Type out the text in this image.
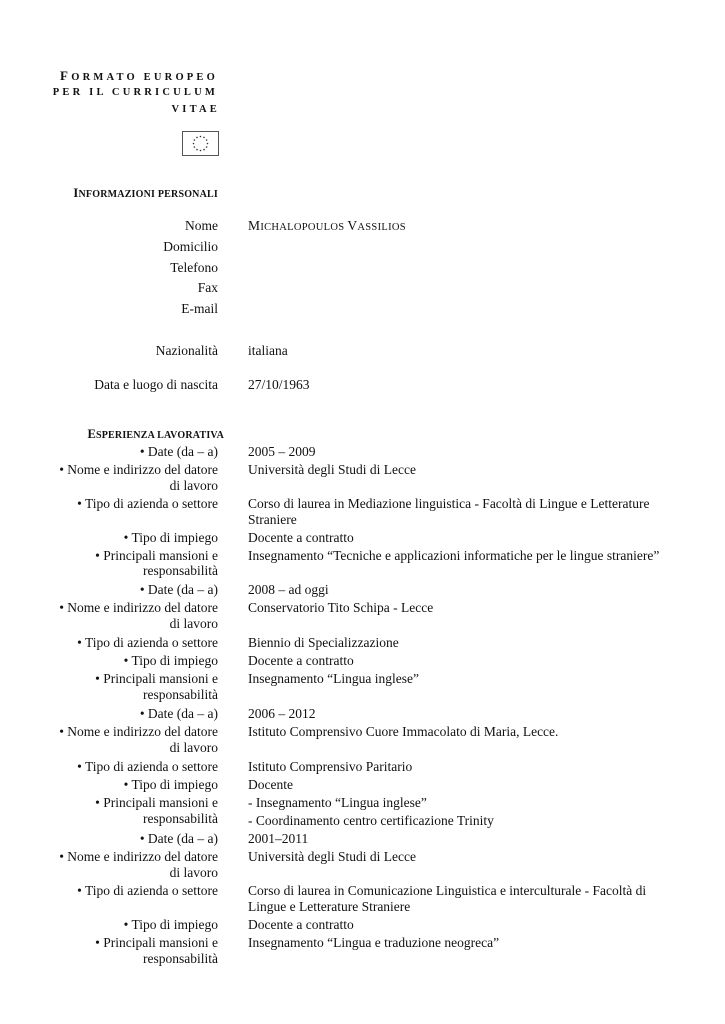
FORMATO EUROPEO
PER IL CURRICULUM
VITAE
INFORMAZIONI PERSONALI
Nome MICHALOPOULOS VASSILIOS
Domicilio
Telefono
Fax
E-mail
Nazionalità italiana
Data e luogo di nascita 27/10/1963
ESPERIENZA LAVORATIVA
• Date (da – a) 2005 – 2009
• Nome e indirizzo del datore
di lavoro
Università degli Studi di Lecce
• Tipo di azienda o settore Corso di laurea in Mediazione linguistica - Facoltà di Lingue e Letterature Straniere
• Tipo di impiego Docente a contratto
• Principali mansioni e
responsabilità
Insegnamento “Tecniche e applicazioni informatiche per le lingue straniere”
• Date (da – a) 2008 – ad oggi
• Nome e indirizzo del datore
di lavoro
Conservatorio Tito Schipa - Lecce
• Tipo di azienda o settore Biennio di Specializzazione
• Tipo di impiego Docente a contratto
• Principali mansioni e
responsabilità
Insegnamento “Lingua inglese”
• Date (da – a) 2006 – 2012
• Nome e indirizzo del datore
di lavoro
Istituto Comprensivo Cuore Immacolato di Maria, Lecce.
• Tipo di azienda o settore Istituto Comprensivo Paritario
• Tipo di impiego Docente
• Principali mansioni e
responsabilità
- Insegnamento “Lingua inglese”
- Coordinamento centro certificazione Trinity
• Date (da – a) 2001–2011
• Nome e indirizzo del datore
di lavoro
Università degli Studi di Lecce
• Tipo di azienda o settore Corso di laurea in Comunicazione Linguistica e interculturale - Facoltà di Lingue e Letterature Straniere
• Tipo di impiego Docente a contratto
• Principali mansioni e
responsabilità
Insegnamento “Lingua e traduzione neogreca”
